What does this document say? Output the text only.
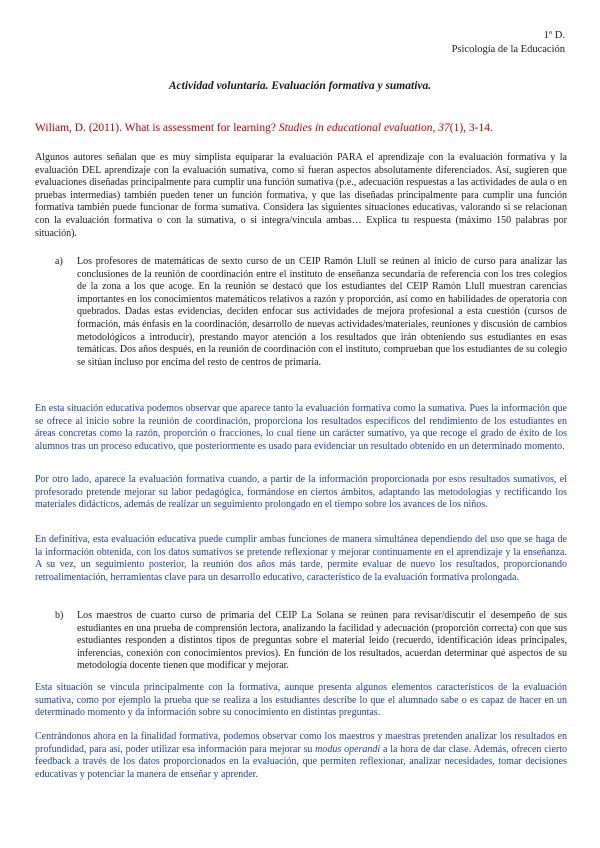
1º D.
Psicología de la Educación
Actividad voluntaria. Evaluación formativa y sumativa.
Wiliam, D. (2011). What is assessment for learning? Studies in educational evaluation, 37(1), 3-14.

Algunos autores señalan que es muy simplista equiparar la evaluación PARA el aprendizaje con la evaluación formativa y la evaluación DEL aprendizaje con la evaluación sumativa, como si fueran aspectos absolutamente diferenciados. Así, sugieren que evaluaciones diseñadas principalmente para cumplir una función sumativa (p.e., adecuación respuestas a las actividades de aula o en pruebas intermedias) también pueden tener un función formativa, y que las diseñadas principalmente para cumplir una función formativa también puede funcionar de forma sumativa. Considera las siguientes situaciones educativas, valorando si se relacionan con la evaluación formativa o con la sumativa, o si integra/vincula ambas… Explica tu respuesta (máximo 150 palabras por situación).

a) Los profesores de matemáticas de sexto curso de un CEIP Ramón Llull se reúnen al inicio de curso para analizar las conclusiones de la reunión de coordinación entre el instituto de enseñanza secundaria de referencia con los tres colegios de la zona a los que acoge. En la reunión se destacó que los estudiantes del CEIP Ramón Llull muestran carencias importantes en los conocimientos matemáticos relativos a razón y proporción, así como en habilidades de operatoria con quebrados. Dadas estas evidencias, deciden enfocar sus actividades de mejora profesional a esta cuestión (cursos de formación, más énfasis en la coordinación, desarrollo de nuevas actividades/materiales, reuniones y discusión de cambios metodológicos a introducir), prestando mayor atención a los resultados que irán obteniendo sus estudiantes en esas temáticas. Dos años después, en la reunión de coordinación con el instituto, comprueban que los estudiantes de su colegio se sitúan incluso por encima del resto de centros de primaria.

En esta situación educativa podemos observar que aparece tanto la evaluación formativa como la sumativa. Pues la información que se ofrece al inicio sobre la reunión de coordinación, proporciona los resultados específicos del rendimiento de los estudiantes en áreas concretas como la razón, proporción o fracciones, lo cual tiene un carácter sumativo, ya que recoge el grado de éxito de los alumnos tras un proceso educativo, que posteriormente es usado para evidenciar un resultado obtenido en un determinado momento.

Por otro lado, aparece la evaluación formativa cuando, a partir de la información proporcionada por esos resultados sumativos, el profesorado pretende mejorar su labor pedagógica, formándose en ciertos ámbitos, adaptando las metodologías y rectificando los materiales didácticos, además de realizar un seguimiento prolongado en el tiempo sobre los avances de los niños.

En definitiva, esta evaluación educativa puede cumplir ambas funciones de manera simultánea dependiendo del uso que se haga de la información obtenida, con los datos sumativos se pretende reflexionar y mejorar continuamente en el aprendizaje y la enseñanza. A su vez, un seguimiento posterior, la reunión dos años más tarde, permite evaluar de nuevo los resultados, proporcionando retroalimentación, herramientas clave para un desarrollo educativo, característico de la evaluación formativa prolongada.

b) Los maestros de cuarto curso de primaria del CEIP La Solana se reúnen para revisar/discutir el desempeño de sus estudiantes en una prueba de comprensión lectora, analizando la facilidad y adecuación (proporción correcta) con que sus estudiantes responden a distintos tipos de preguntas sobre el material leído (recuerdo, identificación ideas principales, inferencias, conexión con conocimientos previos). En función de los resultados, acuerdan determinar qué aspectos de su metodología docente tienen que modificar y mejorar.

Esta situación se vincula principalmente con la formativa, aunque presenta algunos elementos característicos de la evaluación sumativa, como por ejemplo la prueba que se realiza a los estudiantes describe lo que el alumnado sabe o es capaz de hacer en un determinado momento y da información sobre su conocimiento en distintas preguntas.

Centrándonos ahora en la finalidad formativa, podemos observar como los maestros y maestras pretenden analizar los resultados en profundidad, para así, poder utilizar esa información para mejorar su modus operandi a la hora de dar clase. Además, ofrecen cierto feedback a través de los datos proporcionados en la evaluación, que permiten reflexionar, analizar necesidades, tomar decisiones educativas y potenciar la manera de enseñar y aprender.
